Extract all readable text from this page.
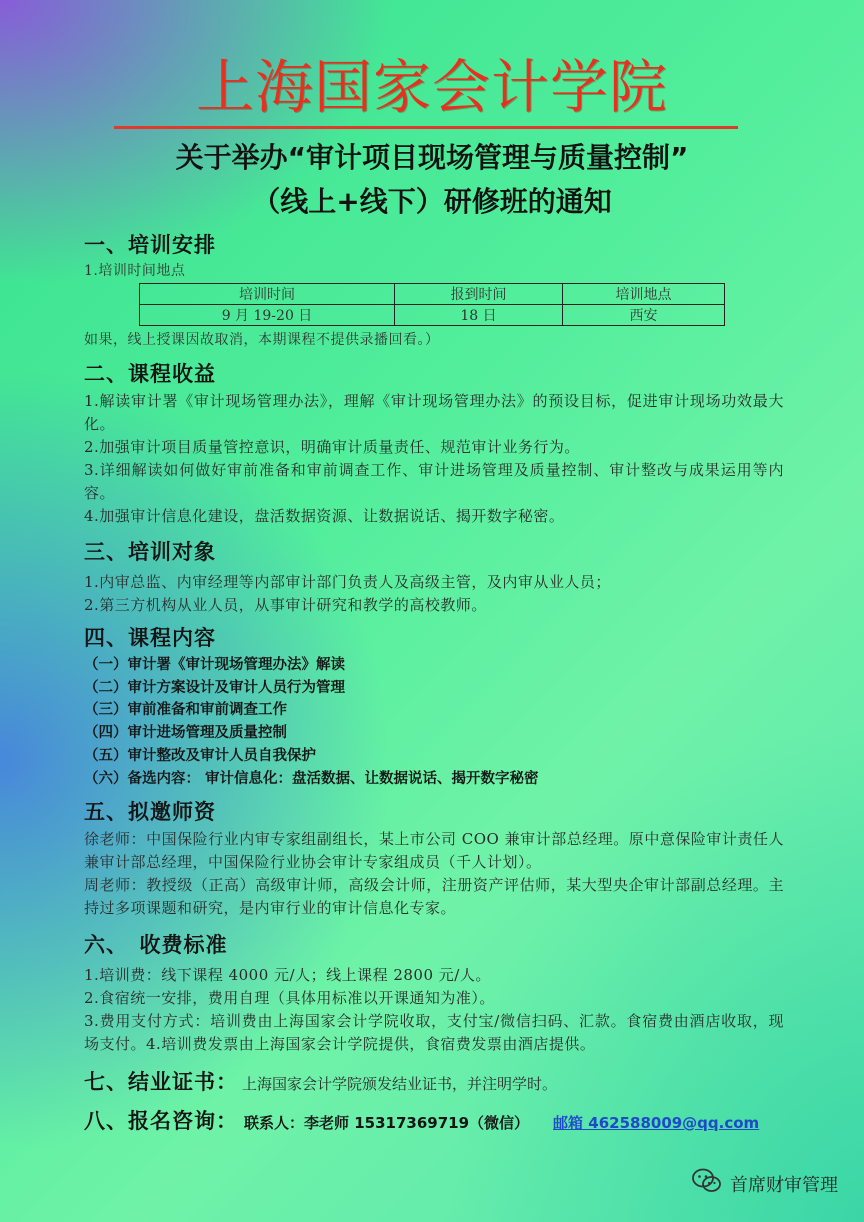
上海国家会计学院
关于举办“审计项目现场管理与质量控制”
（线上+线下）研修班的通知
一、培训安排
1.培训时间地点
培训时间	报到时间	培训地点
9 月 19-20 日	18 日	西安
如果，线上授课因故取消，本期课程不提供录播回看。）
二、课程收益
1.解读审计署《审计现场管理办法》，理解《审计现场管理办法》的预设目标，促进审计现场功效最大化。
2.加强审计项目质量管控意识，明确审计质量责任、规范审计业务行为。
3.详细解读如何做好审前准备和审前调查工作、审计进场管理及质量控制、审计整改与成果运用等内容。
4.加强审计信息化建设，盘活数据资源、让数据说话、揭开数字秘密。
三、培训对象
1.内审总监、内审经理等内部审计部门负责人及高级主管，及内审从业人员；
2.第三方机构从业人员，从事审计研究和教学的高校教师。
四、课程内容
（一）审计署《审计现场管理办法》解读
（二）审计方案设计及审计人员行为管理
（三）审前准备和审前调查工作
（四）审计进场管理及质量控制
（五）审计整改及审计人员自我保护
（六）备选内容： 审计信息化：盘活数据、让数据说话、揭开数字秘密
五、拟邀师资
徐老师：中国保险行业内审专家组副组长，某上市公司 COO 兼审计部总经理。原中意保险审计责任人兼审计部总经理，中国保险行业协会审计专家组成员（千人计划）。
周老师：教授级（正高）高级审计师，高级会计师，注册资产评估师，某大型央企审计部副总经理。主持过多项课题和研究，是内审行业的审计信息化专家。
六、　收费标准
1.培训费：线下课程 4000 元/人；线上课程 2800 元/人。
2.食宿统一安排，费用自理（具体用标准以开课通知为准）。
3.费用支付方式：培训费由上海国家会计学院收取，支付宝/微信扫码、汇款。食宿费由酒店收取，现场支付。4.培训费发票由上海国家会计学院提供，食宿费发票由酒店提供。
七、结业证书： 上海国家会计学院颁发结业证书，并注明学时。
八、报名咨询： 联系人：李老师 15317369719（微信） 邮箱 462588009@qq.com
首席财审管理
